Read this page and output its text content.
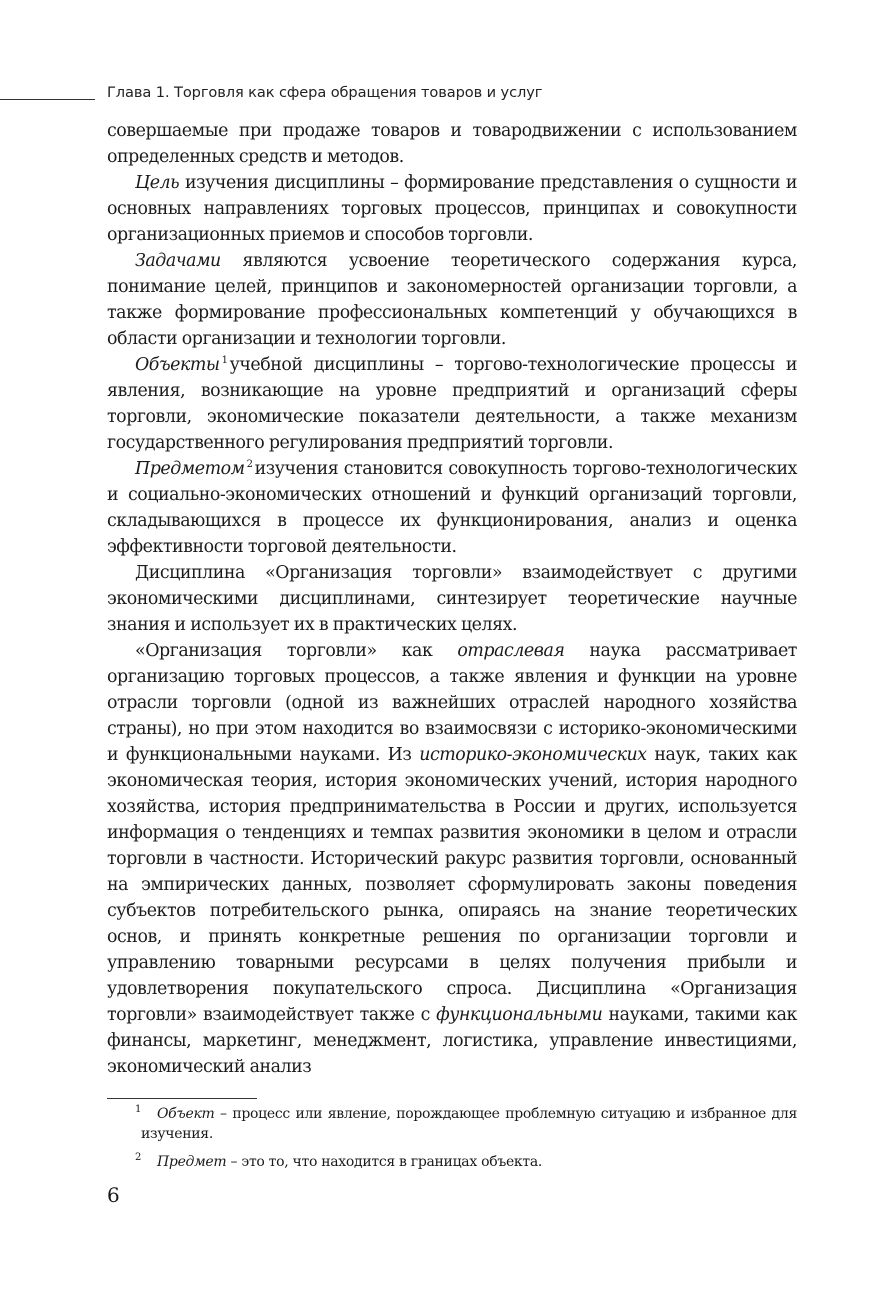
Глава 1. Торговля как сфера обращения товаров и услуг

совершаемые при продаже товаров и товародвижении с использованием определенных средств и методов.

Цель изучения дисциплины – формирование представления о сущности и основных направлениях торговых процессов, принципах и совокупности организационных приемов и способов торговли.

Задачами являются усвоение теоретического содержания курса, понимание целей, принципов и закономерностей организации торговли, а также формирование профессиональных компетенций у обучающихся в области организации и технологии торговли.

Объекты $^1$ учебной дисциплины – торгово-технологические процессы и явления, возникающие на уровне предприятий и организаций сферы торговли, экономические показатели деятельности, а также механизм государственного регулирования предприятий торговли.

Предметом $^2$ изучения становится совокупность торгово-технологических и социально-экономических отношений и функций организаций торговли, складывающихся в процессе их функционирования, анализ и оценка эффективности торговой деятельности.

Дисциплина «Организация торговли» взаимодействует с другими экономическими дисциплинами, синтезирует теоретические научные знания и использует их в практических целях.

«Организация торговли» как отраслевая наука рассматривает организацию торговых процессов, а также явления и функции на уровне отрасли торговли (одной из важнейших отраслей народного хозяйства страны), но при этом находится во взаимосвязи с историко-экономическими и функциональными науками. Из историко-экономических наук, таких как экономическая теория, история экономических учений, история народного хозяйства, история предпринимательства в России и других, используется информация о тенденциях и темпах развития экономики в целом и отрасли торговли в частности. Исторический ракурс развития торговли, основанный на эмпирических данных, позволяет сформулировать законы поведения субъектов потребительского рынка, опираясь на знание теоретических основ, и принять конкретные решения по организации торговли и управлению товарными ресурсами в целях получения прибыли и удовлетворения покупательского спроса. Дисциплина «Организация торговли» взаимодействует также с функциональными науками, такими как финансы, маркетинг, менеджмент, логистика, управление инвестициями, экономический анализ

1	Объект – процесс или явление, порождающее проблемную ситуацию и избранное для изучения.
2	Предмет – это то, что находится в границах объекта.
6
